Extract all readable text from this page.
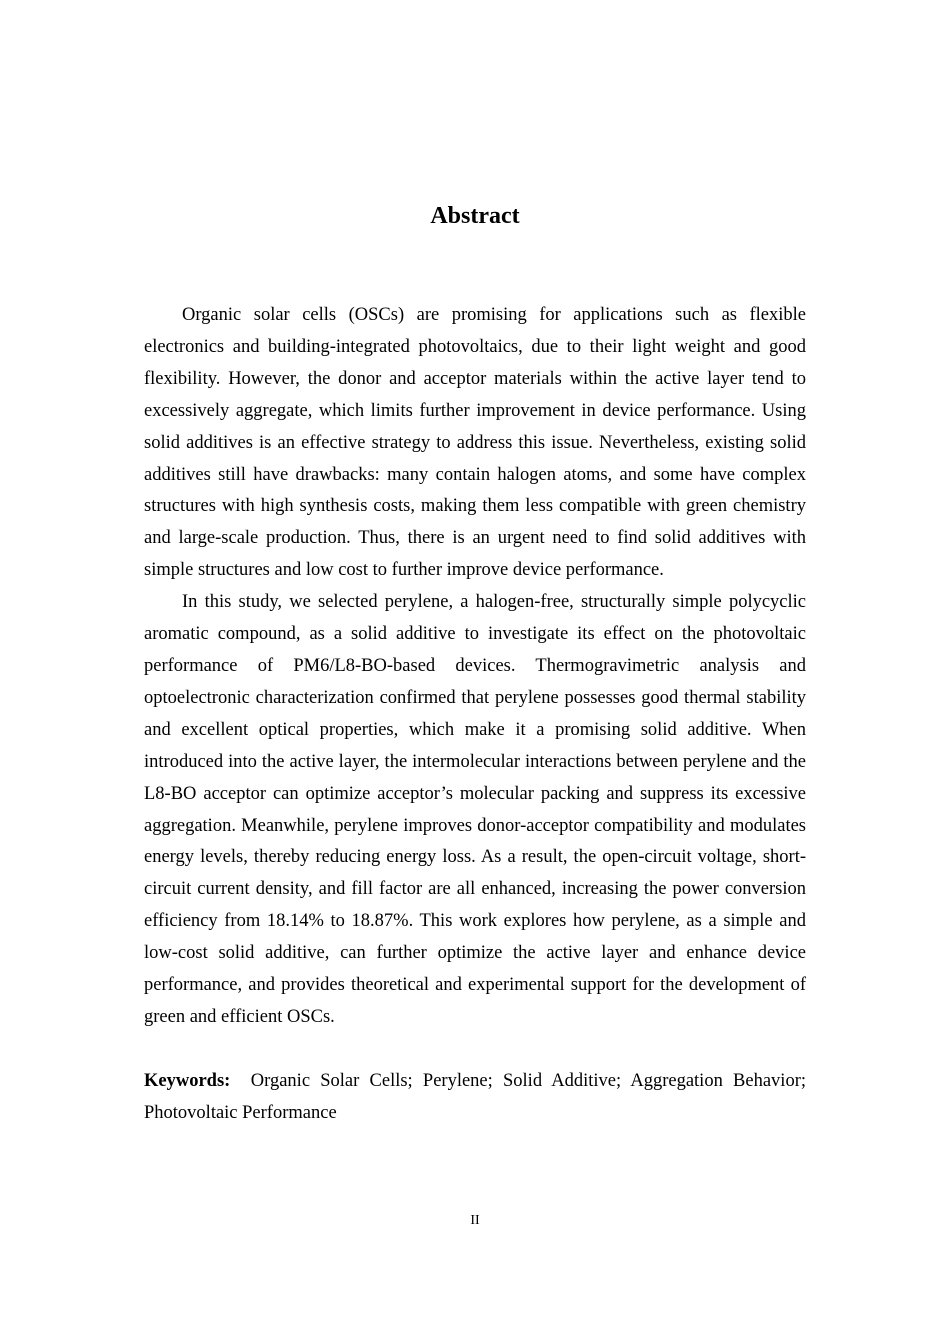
Abstract

Organic solar cells (OSCs) are promising for applications such as flexible electronics and building-integrated photovoltaics, due to their light weight and good flexibility. However, the donor and acceptor materials within the active layer tend to excessively aggregate, which limits further improvement in device performance. Using solid additives is an effective strategy to address this issue. Nevertheless, existing solid additives still have drawbacks: many contain halogen atoms, and some have complex structures with high synthesis costs, making them less compatible with green chemistry and large-scale production. Thus, there is an urgent need to find solid additives with simple structures and low cost to further improve device performance.

In this study, we selected perylene, a halogen-free, structurally simple polycyclic aromatic compound, as a solid additive to investigate its effect on the photovoltaic performance of PM6/L8-BO-based devices. Thermogravimetric analysis and optoelectronic characterization confirmed that perylene possesses good thermal stability and excellent optical properties, which make it a promising solid additive. When introduced into the active layer, the intermolecular interactions between perylene and the L8-BO acceptor can optimize acceptor’s molecular packing and suppress its excessive aggregation. Meanwhile, perylene improves donor-acceptor compatibility and modulates energy levels, thereby reducing energy loss. As a result, the open-circuit voltage, short-circuit current density, and fill factor are all enhanced, increasing the power conversion efficiency from 18.14% to 18.87%. This work explores how perylene, as a simple and low-cost solid additive, can further optimize the active layer and enhance device performance, and provides theoretical and experimental support for the development of green and efficient OSCs.

Keywords: Organic Solar Cells; Perylene; Solid Additive; Aggregation Behavior; Photovoltaic Performance

II
